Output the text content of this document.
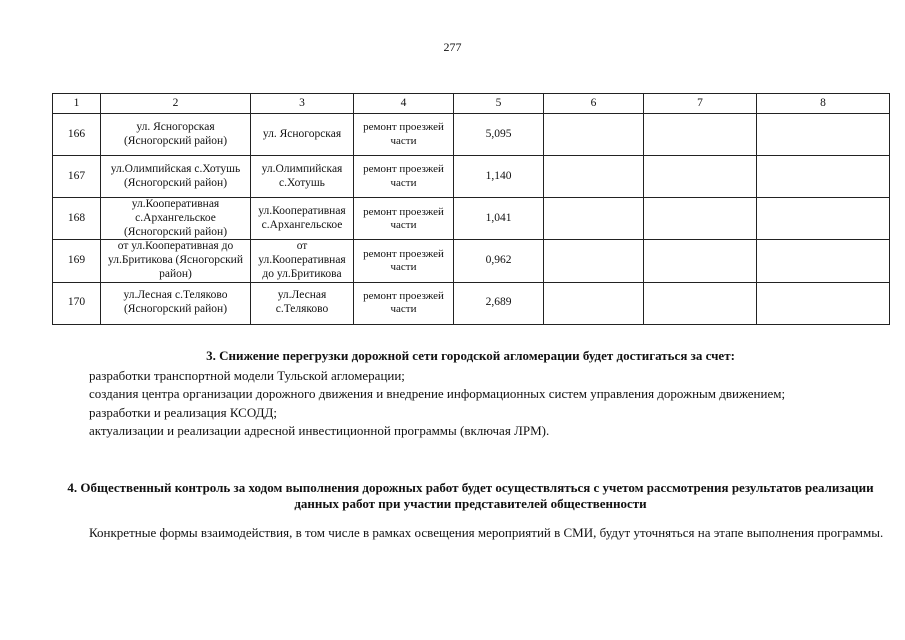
277
1	2	3	4	5	6	7	8
166	ул. Ясногорская (Ясногорский район)	ул. Ясногорская	ремонт проезжей части	5,095			
167	ул.Олимпийская с.Хотушь (Ясногорский район)	ул.Олимпийская с.Хотушь	ремонт проезжей части	1,140			
168	ул.Кооперативная с.Архангельское (Ясногорский район)	ул.Кооперативная с.Архангельское	ремонт проезжей части	1,041			
169	от ул.Кооперативная до ул.Бритикова (Ясногорский район)	от ул.Кооперативная до ул.Бритикова	ремонт проезжей части	0,962			
170	ул.Лесная с.Теляково (Ясногорский район)	ул.Лесная с.Теляково	ремонт проезжей части	2,689			
3. Снижение перегрузки дорожной сети городской агломерации будет достигаться за счет:
разработки транспортной модели Тульской агломерации;
создания центра организации дорожного движения и внедрение информационных систем управления дорожным движением;
разработки и реализация КСОДД;
актуализации и реализации адресной инвестиционной программы (включая ЛРМ).
4. Общественный контроль за ходом выполнения дорожных работ будет осуществляться с учетом рассмотрения результатов реализации данных работ при участии представителей общественности
Конкретные формы взаимодействия, в том числе в рамках освещения мероприятий в СМИ, будут уточняться на этапе выполнения программы.
